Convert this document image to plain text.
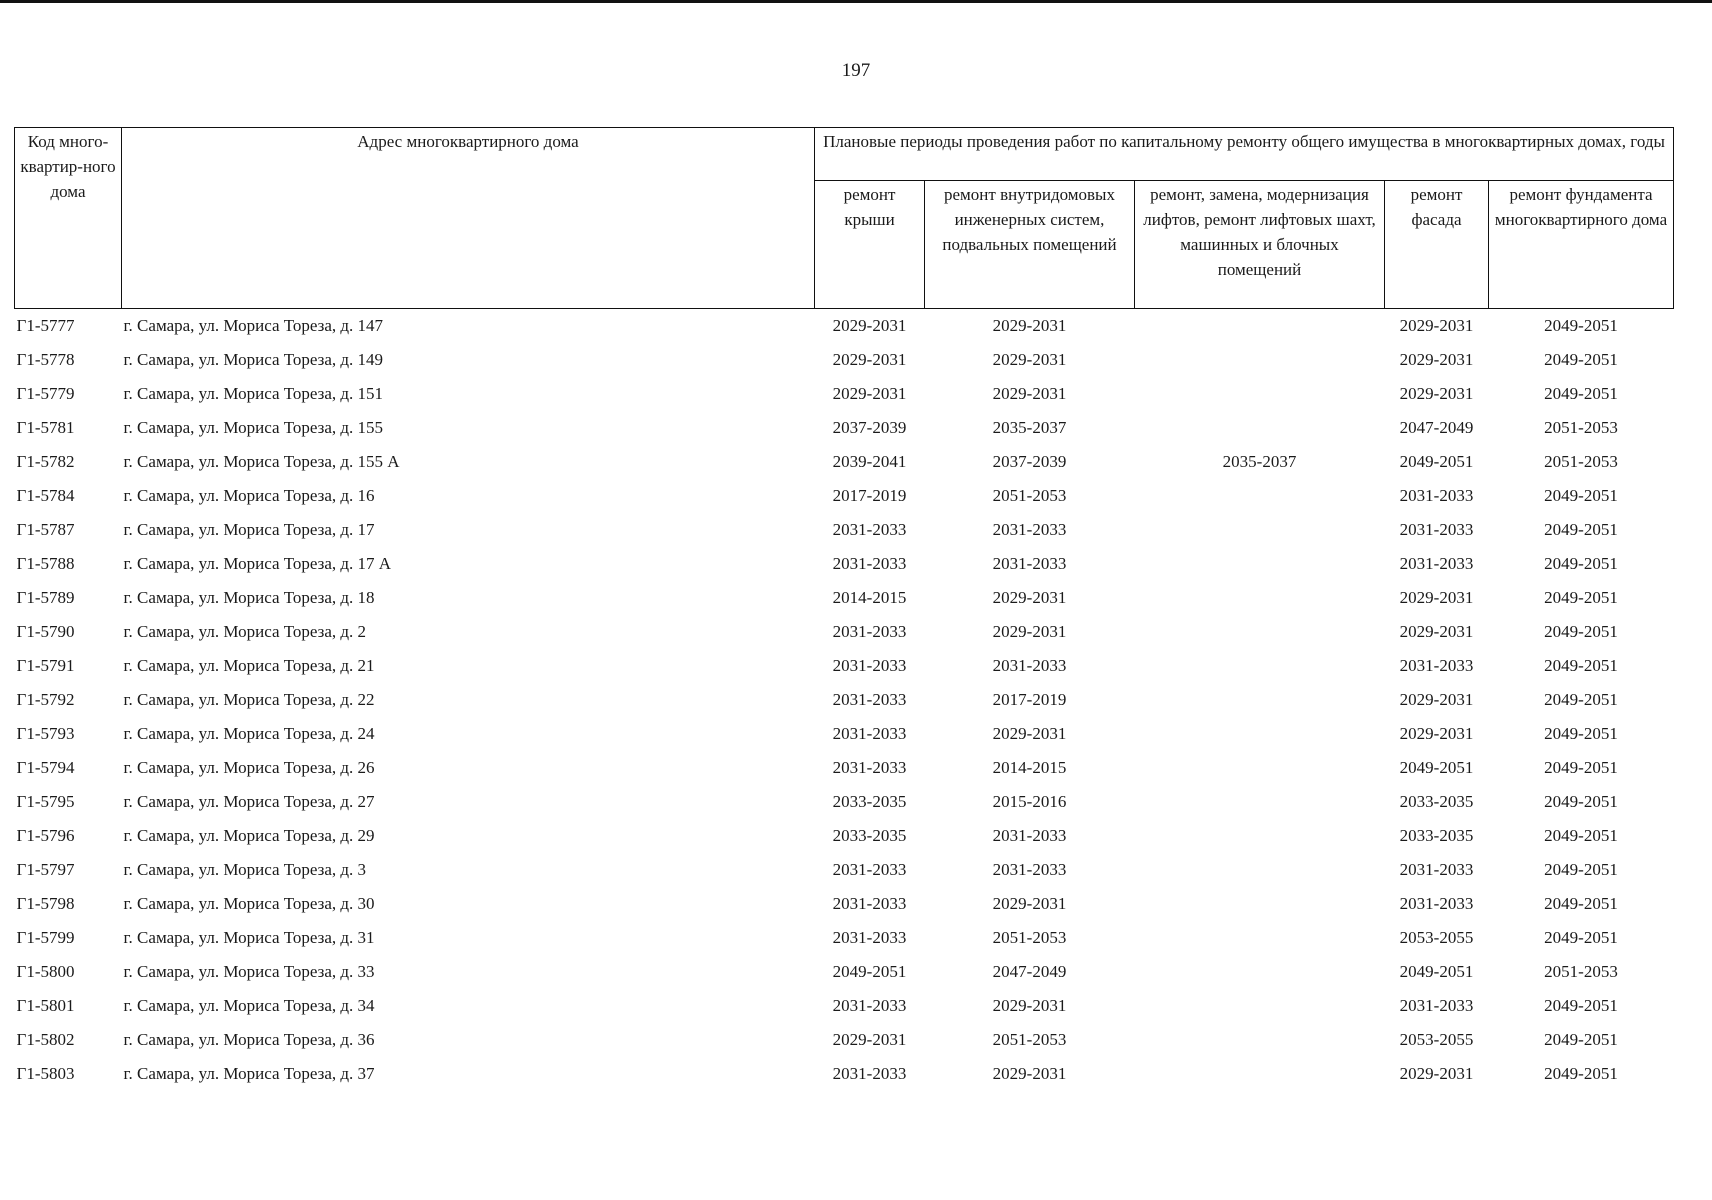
197
Код много-квартир-ного дома	Адрес многоквартирного дома	Плановые периоды проведения работ по капитальному ремонту общего имущества в многоквартирных домах, годы				
		ремонт крыши	ремонт внутридомовых инженерных систем, подвальных помещений	ремонт, замена, модернизация лифтов, ремонт лифтовых шахт, машинных и блочных помещений	ремонт фасада	ремонт фундамента многоквартирного дома
Г1-5777	г. Самара, ул. Мориса Тореза, д. 147	2029-2031	2029-2031		2029-2031	2049-2051
Г1-5778	г. Самара, ул. Мориса Тореза, д. 149	2029-2031	2029-2031		2029-2031	2049-2051
Г1-5779	г. Самара, ул. Мориса Тореза, д. 151	2029-2031	2029-2031		2029-2031	2049-2051
Г1-5781	г. Самара, ул. Мориса Тореза, д. 155	2037-2039	2035-2037		2047-2049	2051-2053
Г1-5782	г. Самара, ул. Мориса Тореза, д. 155 А	2039-2041	2037-2039	2035-2037	2049-2051	2051-2053
Г1-5784	г. Самара, ул. Мориса Тореза, д. 16	2017-2019	2051-2053		2031-2033	2049-2051
Г1-5787	г. Самара, ул. Мориса Тореза, д. 17	2031-2033	2031-2033		2031-2033	2049-2051
Г1-5788	г. Самара, ул. Мориса Тореза, д. 17 А	2031-2033	2031-2033		2031-2033	2049-2051
Г1-5789	г. Самара, ул. Мориса Тореза, д. 18	2014-2015	2029-2031		2029-2031	2049-2051
Г1-5790	г. Самара, ул. Мориса Тореза, д. 2	2031-2033	2029-2031		2029-2031	2049-2051
Г1-5791	г. Самара, ул. Мориса Тореза, д. 21	2031-2033	2031-2033		2031-2033	2049-2051
Г1-5792	г. Самара, ул. Мориса Тореза, д. 22	2031-2033	2017-2019		2029-2031	2049-2051
Г1-5793	г. Самара, ул. Мориса Тореза, д. 24	2031-2033	2029-2031		2029-2031	2049-2051
Г1-5794	г. Самара, ул. Мориса Тореза, д. 26	2031-2033	2014-2015		2049-2051	2049-2051
Г1-5795	г. Самара, ул. Мориса Тореза, д. 27	2033-2035	2015-2016		2033-2035	2049-2051
Г1-5796	г. Самара, ул. Мориса Тореза, д. 29	2033-2035	2031-2033		2033-2035	2049-2051
Г1-5797	г. Самара, ул. Мориса Тореза, д. 3	2031-2033	2031-2033		2031-2033	2049-2051
Г1-5798	г. Самара, ул. Мориса Тореза, д. 30	2031-2033	2029-2031		2031-2033	2049-2051
Г1-5799	г. Самара, ул. Мориса Тореза, д. 31	2031-2033	2051-2053		2053-2055	2049-2051
Г1-5800	г. Самара, ул. Мориса Тореза, д. 33	2049-2051	2047-2049		2049-2051	2051-2053
Г1-5801	г. Самара, ул. Мориса Тореза, д. 34	2031-2033	2029-2031		2031-2033	2049-2051
Г1-5802	г. Самара, ул. Мориса Тореза, д. 36	2029-2031	2051-2053		2053-2055	2049-2051
Г1-5803	г. Самара, ул. Мориса Тореза, д. 37	2031-2033	2029-2031		2029-2031	2049-2051
